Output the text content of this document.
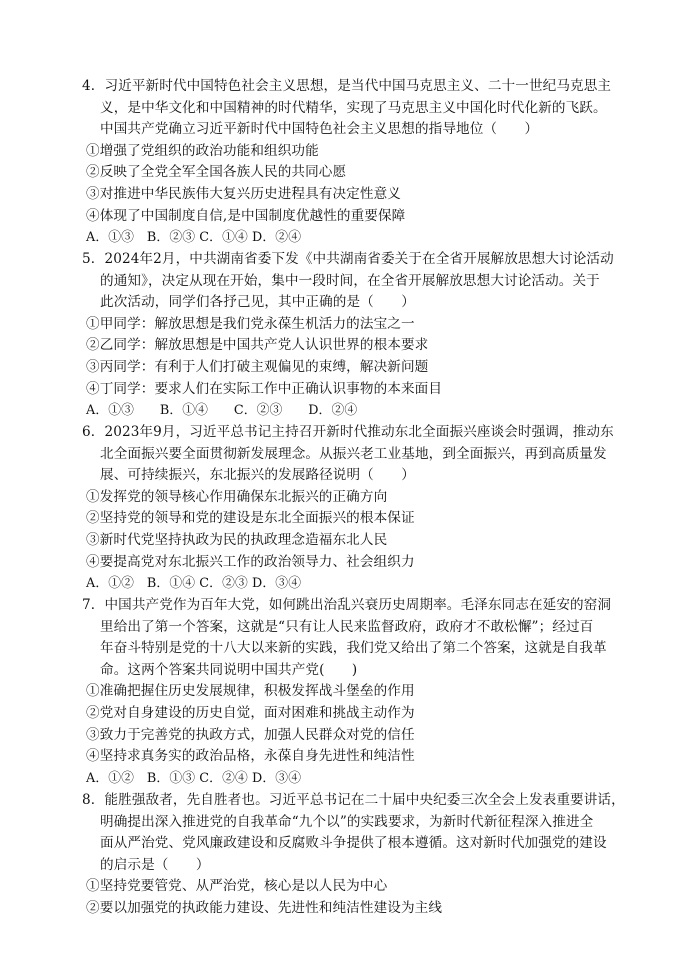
4．习近平新时代中国特色社会主义思想，是当代中国马克思主义、二十一世纪马克思主
义，是中华文化和中国精神的时代精华，实现了马克思主义中国化时代化新的飞跃。
中国共产党确立习近平新时代中国特色社会主义思想的指导地位（　　）
①增强了党组织的政治功能和组织功能
②反映了全党全军全国各族人民的共同心愿
③对推进中华民族伟大复兴历史进程具有决定性意义
④体现了中国制度自信,是中国制度优越性的重要保障
A．①③　B．②③ C．①④ D．②④
5．2024年2月，中共湖南省委下发《中共湖南省委关于在全省开展解放思想大讨论活动
的通知》，决定从现在开始，集中一段时间，在全省开展解放思想大讨论活动。关于
此次活动，同学们各抒己见，其中正确的是（　　）
①甲同学：解放思想是我们党永葆生机活力的法宝之一
②乙同学：解放思想是中国共产党人认识世界的根本要求
③丙同学：有利于人们打破主观偏见的束缚，解决新问题
④丁同学：要求人们在实际工作中正确认识事物的本来面目
A．①③　　B．①④　　C．②③　　D．②④
6．2023年9月，习近平总书记主持召开新时代推动东北全面振兴座谈会时强调，推动东
北全面振兴要全面贯彻新发展理念。从振兴老工业基地，到全面振兴，再到高质量发
展、可持续振兴，东北振兴的发展路径说明（　　）
①发挥党的领导核心作用确保东北振兴的正确方向
②坚持党的领导和党的建设是东北全面振兴的根本保证
③新时代党坚持执政为民的执政理念造福东北人民
④要提高党对东北振兴工作的政治领导力、社会组织力
A．①②　B．①④ C．②③ D．③④
7．中国共产党作为百年大党，如何跳出治乱兴衰历史周期率。毛泽东同志在延安的窑洞
里给出了第一个答案，这就是“只有让人民来监督政府，政府才不敢松懈”；经过百
年奋斗特别是党的十八大以来新的实践，我们党又给出了第二个答案，这就是自我革
命。这两个答案共同说明中国共产党(　　)
①准确把握住历史发展规律，积极发挥战斗堡垒的作用
②党对自身建设的历史自觉，面对困难和挑战主动作为
③致力于完善党的执政方式，加强人民群众对党的信任
④坚持求真务实的政治品格，永葆自身先进性和纯洁性
A．①②　B．①③ C．②④ D．③④
8．能胜强敌者，先自胜者也。习近平总书记在二十届中央纪委三次全会上发表重要讲话，
明确提出深入推进党的自我革命“九个以”的实践要求，为新时代新征程深入推进全
面从严治党、党风廉政建设和反腐败斗争提供了根本遵循。这对新时代加强党的建设
的启示是（　　）
①坚持党要管党、从严治党，核心是以人民为中心
②要以加强党的执政能力建设、先进性和纯洁性建设为主线
